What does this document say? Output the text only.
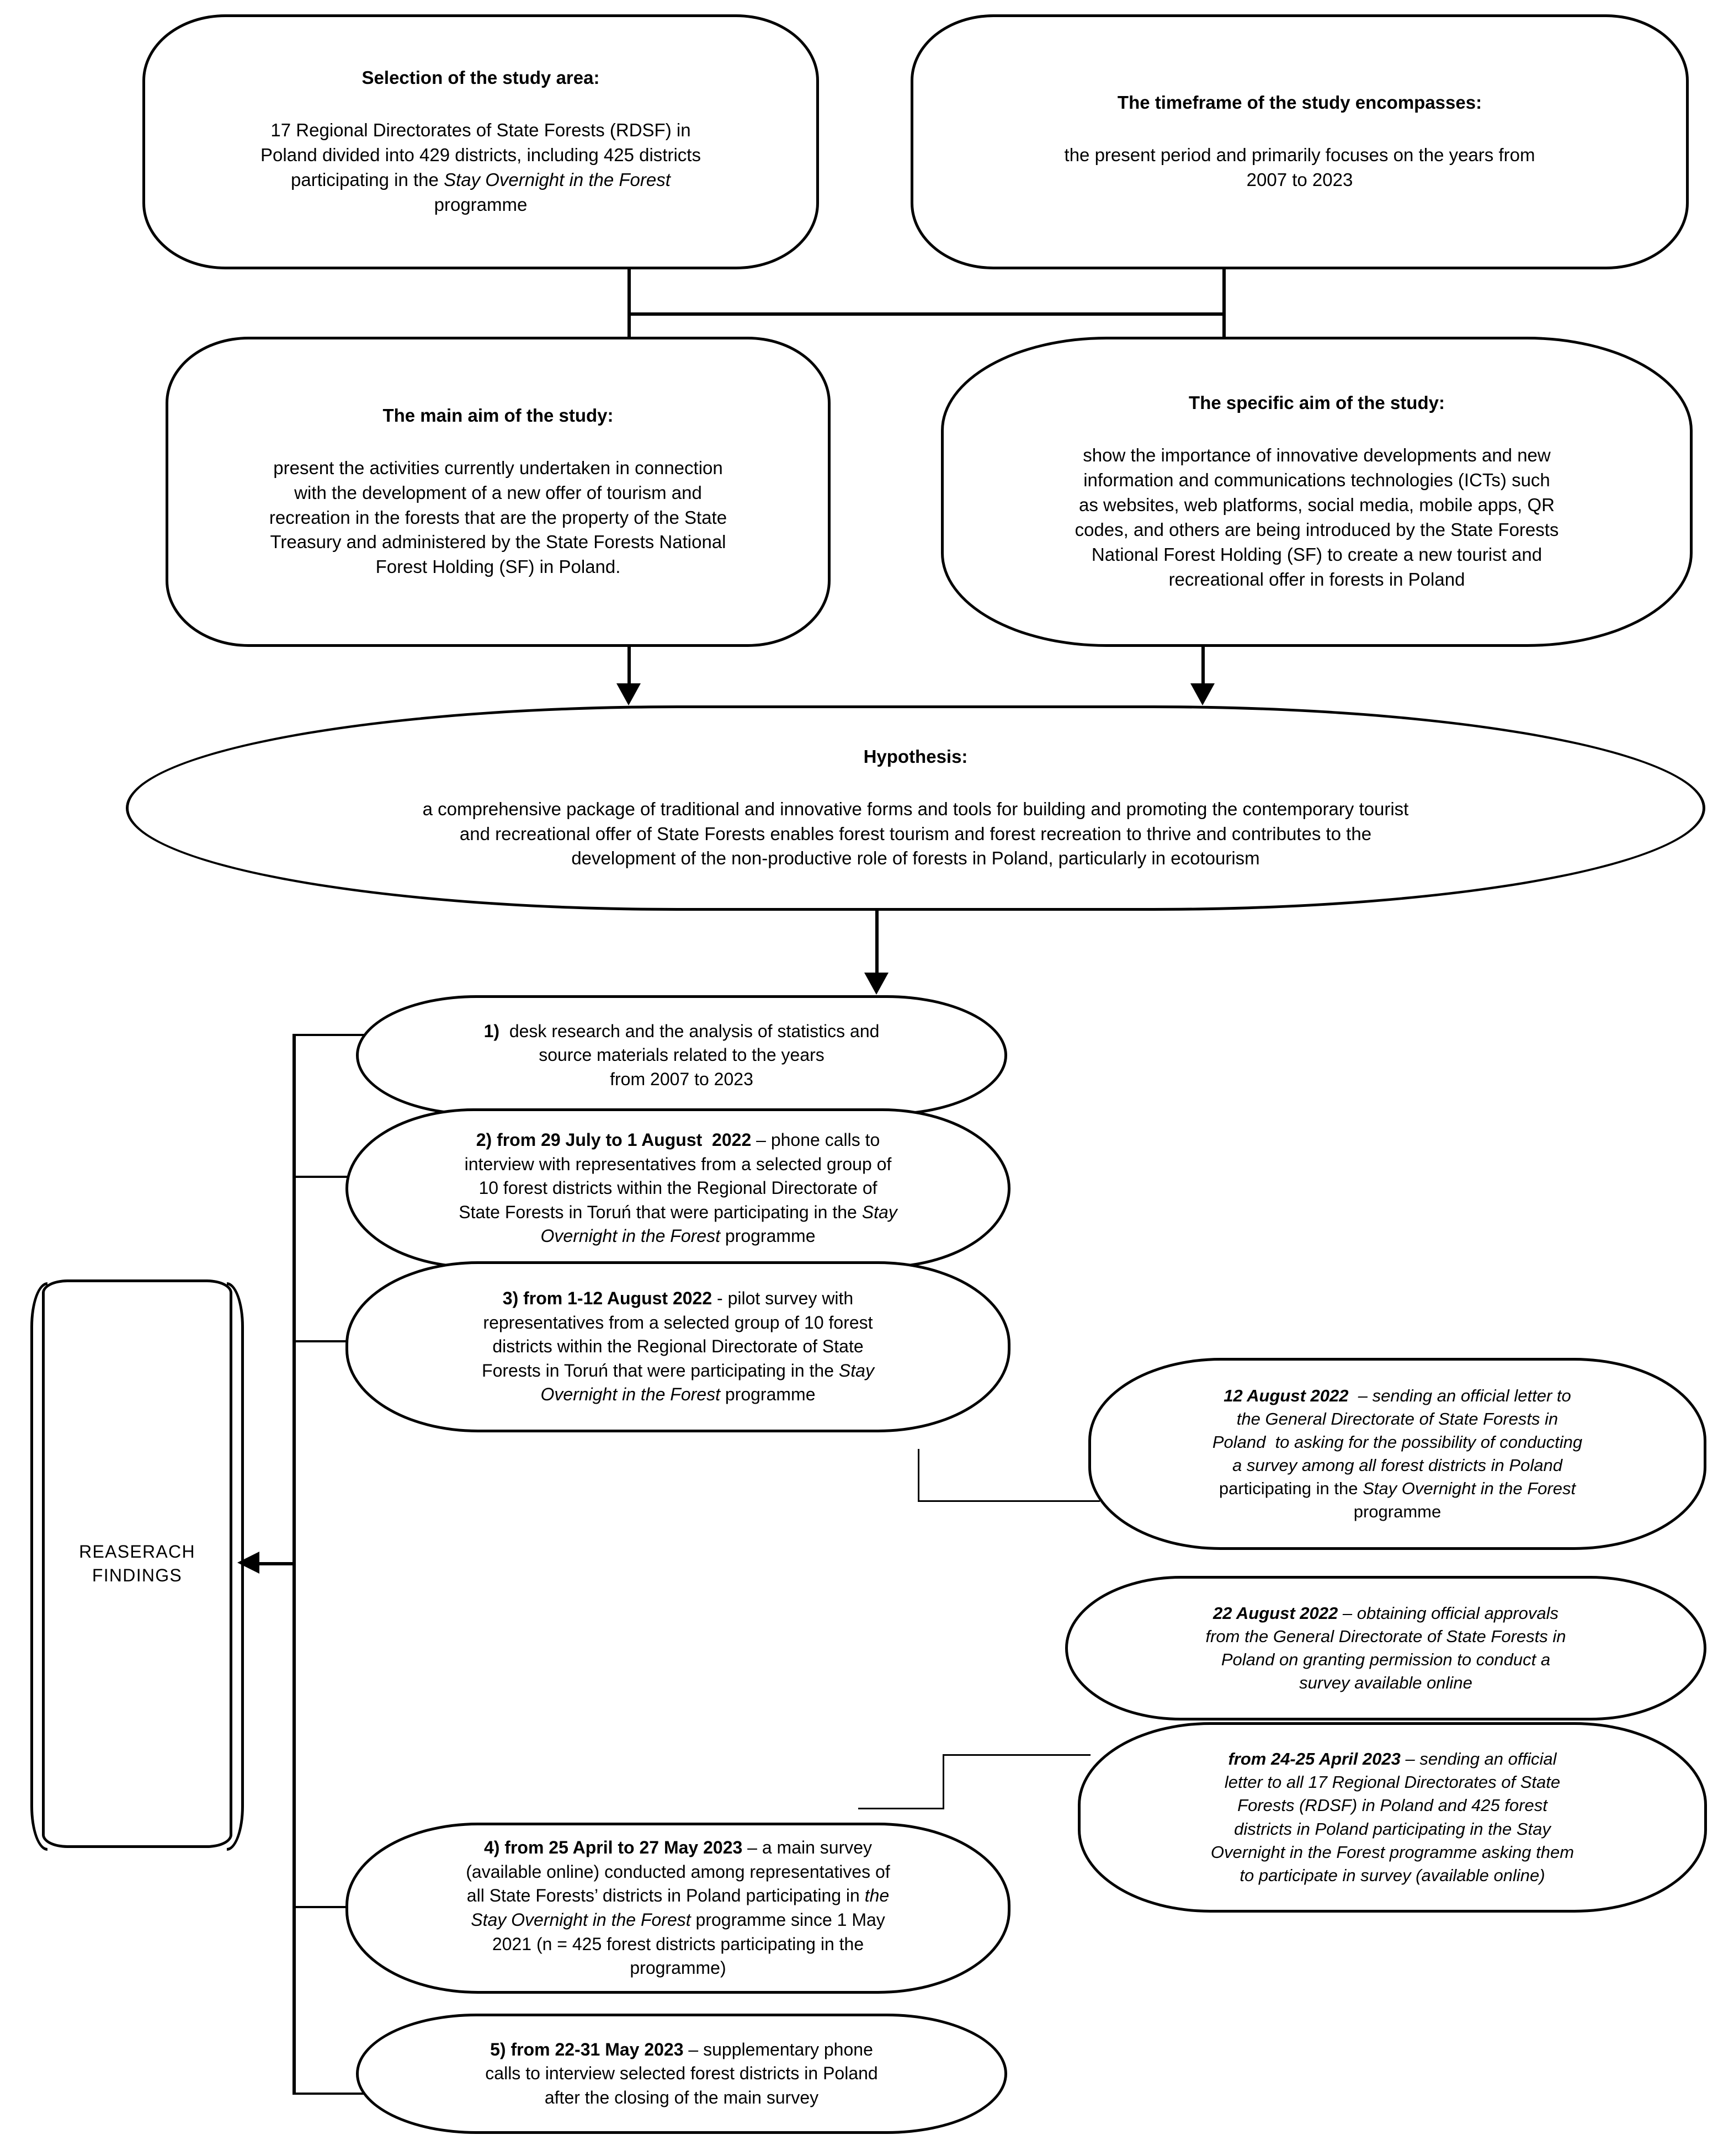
Selection of the study area:
17 Regional Directorates of State Forests (RDSF) in
Poland divided into 429 districts, including 425 districts
participating in the Stay Overnight in the Forest
programme
The timeframe of the study encompasses:
the present period and primarily focuses on the years from
2007 to 2023
The main aim of the study:
present the activities currently undertaken in connection
with the development of a new offer of tourism and
recreation in the forests that are the property of the State
Treasury and administered by the State Forests National
Forest Holding (SF) in Poland.
The specific aim of the study:
show the importance of innovative developments and new
information and communications technologies (ICTs) such
as websites, web platforms, social media, mobile apps, QR
codes, and others are being introduced by the State Forests
National Forest Holding (SF) to create a new tourist and
recreational offer in forests in Poland
Hypothesis:
a comprehensive package of traditional and innovative forms and tools for building and promoting the contemporary tourist
and recreational offer of State Forests enables forest tourism and forest recreation to thrive and contributes to the
development of the non-productive role of forests in Poland, particularly in ecotourism
REASERACH
FINDINGS
1)  desk research and the analysis of statistics and
source materials related to the years
from 2007 to 2023
2) from 29 July to 1 August  2022 – phone calls to
interview with representatives from a selected group of
10 forest districts within the Regional Directorate of
State Forests in Toruń that were participating in the Stay
Overnight in the Forest programme
3) from 1-12 August 2022 - pilot survey with
representatives from a selected group of 10 forest
districts within the Regional Directorate of State
Forests in Toruń that were participating in the Stay
Overnight in the Forest programme
4) from 25 April to 27 May 2023 – a main survey
(available online) conducted among representatives of
all State Forests’ districts in Poland participating in the
Stay Overnight in the Forest programme since 1 May
2021 (n = 425 forest districts participating in the
programme)
5) from 22-31 May 2023 – supplementary phone
calls to interview selected forest districts in Poland
after the closing of the main survey
12 August 2022  – sending an official letter to
the General Directorate of State Forests in
Poland  to asking for the possibility of conducting
a survey among all forest districts in Poland
participating in the Stay Overnight in the Forest
programme
22 August 2022 – obtaining official approvals
from the General Directorate of State Forests in
Poland on granting permission to conduct a
survey available online
from 24-25 April 2023 – sending an official
letter to all 17 Regional Directorates of State
Forests (RDSF) in Poland and 425 forest
districts in Poland participating in the Stay
Overnight in the Forest programme asking them
to participate in survey (available online)
